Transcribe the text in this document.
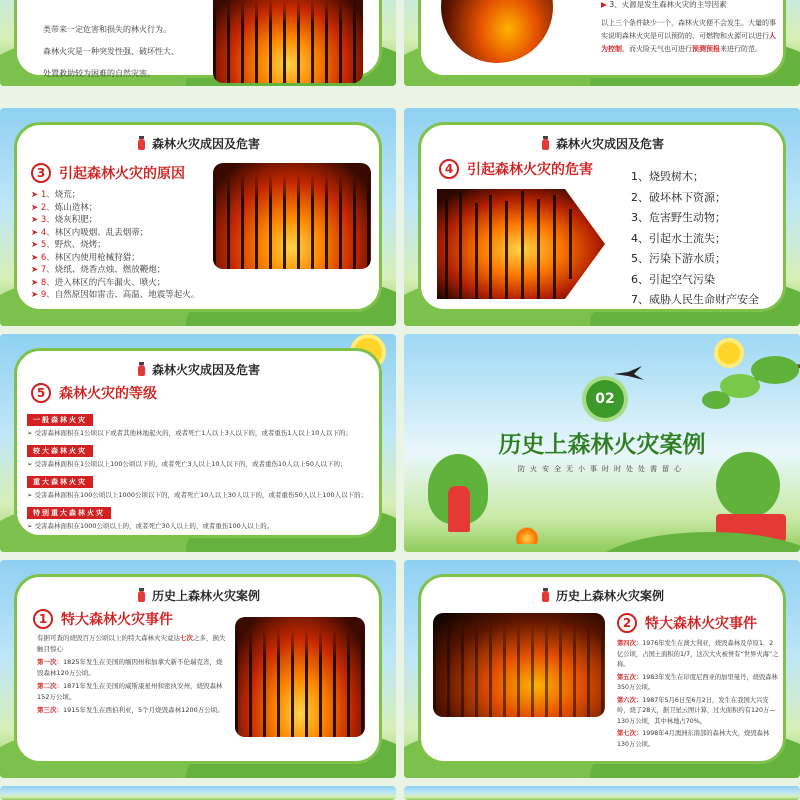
类带来一定危害和损失的林火行为。
森林火灾是一种突发性强、破坏性大、
处置救助较为困难的自然灾害。
▶ 3、火源是发生森林火灾的主导因素
以上三个条件缺少一个，森林火灾便不会发生。大量的事实说明森林火灾是可以预防的，可燃物和火源可以进行人为控制，而火险天气也可进行预测预报来进行防范。
森林火灾成因及危害
3 引起森林火灾的原因
➤ 1、烧荒；
➤ 2、炼山造林；
➤ 3、烧灰积肥；
➤ 4、林区内吸烟、乱丢烟蒂；
➤ 5、野炊、烧烤；
➤ 6、林区内使用枪械狩猎；
➤ 7、烧纸、烧香点烛、燃放鞭炮；
➤ 8、进入林区的汽车漏火、喷火；
➤ 9、自然原因如雷击、高温、地震等起火。
森林火灾成因及危害
4 引起森林火灾的危害	1、烧毁树木；
2、破坏林下资源；
3、危害野生动物；
4、引起水土流失；
5、污染下游水质；
6、引起空气污染
7、威胁人民生命财产安全
森林火灾成因及危害
5 森林火灾的等级
一般森林火灾
➢ 受害森林面积在1公顷以下或者其他林地起火的，或者死亡1人以上3人以下的，或者重伤1人以上10人以下的；
较大森林火灾
➢ 受害森林面积在1公顷以上100公顷以下的，或者死亡3人以上10人以下的，或者重伤10人以上50人以下的；
重大森林火灾
➢ 受害森林面积在100公顷以上1000公顷以下的，或者死亡10人以上30人以下的，或者重伤50人以上100人以下的；
特别重大森林火灾
➢ 受害森林面积在1000公顷以上的，或者死亡30人以上的，或者重伤100人以上的。
02
历史上森林火灾案例
防火安全无小事时时处处需留心
历史上森林火灾案例
1 特大森林火灾事件
有据可查的烧毁百万公顷以上的特大森林火灾竟达七次之多，损失触目惊心
第一次：1825年发生在美国的缅因州和加拿大新不伦瑞克省，烧毁森林120万公顷。
第二次：1871年发生在美国的威斯康星州和密执安州，烧毁森林152万公顷。
第三次：1915年发生在西伯利亚，5个月烧毁森林1200万公顷。
历史上森林火灾案例
2 特大森林火灾事件
第四次：1976年发生在澳大利亚，烧毁森林及草原1．2亿公顷，占国土面积的1/7，这次大火被誉有“世界火海”之称。
第五次：1983年发生在印度尼西亚的加里曼丹，烧毁森林350万公顷。
第六次：1987年5月6日至6月2日，发生在我国大兴安岭，烧了28天，据卫星云图计算，过火面积约有120万—130万公顷，其中林地占70%。
第七次：1998年4月澳洲东南部的森林大火，烧毁森林130万公顷。
